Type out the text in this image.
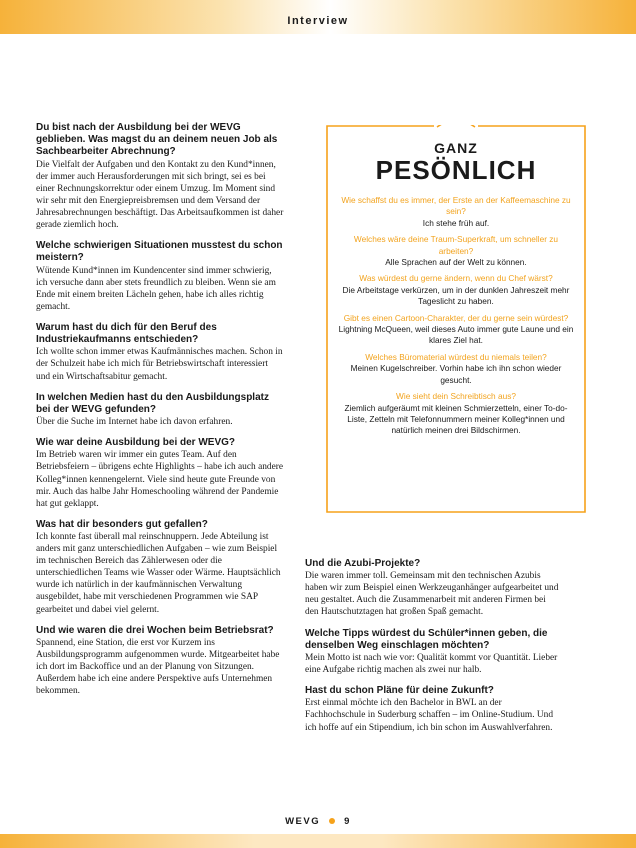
Interview

Du bist nach der Ausbildung bei der WEVG geblieben. Was magst du an deinem neuen Job als Sachbearbeiter Abrechnung?

Die Vielfalt der Aufgaben und den Kontakt zu den Kund*innen, der immer auch Herausforderungen mit sich bringt, sei es bei einer Rechnungskorrektur oder einem Umzug. Im Moment sind wir sehr mit den Energiepreisbremsen und dem Versand der Jahresabrechnungen beschäftigt. Das Arbeitsaufkommen ist daher gerade ziemlich hoch.

Welche schwierigen Situationen musstest du schon meistern?

Wütende Kund*innen im Kundencenter sind immer schwierig, ich versuche dann aber stets freundlich zu bleiben. Wenn sie am Ende mit einem breiten Lächeln gehen, habe ich alles richtig gemacht.

Warum hast du dich für den Beruf des Industriekaufmanns entschieden?

Ich wollte schon immer etwas Kaufmännisches machen. Schon in der Schulzeit habe ich mich für Betriebswirtschaft interessiert und ein Wirtschaftsabitur gemacht.

In welchen Medien hast du den Ausbildungsplatz bei der WEVG gefunden?

Über die Suche im Internet habe ich davon erfahren.

Wie war deine Ausbildung bei der WEVG?

Im Betrieb waren wir immer ein gutes Team. Auf den Betriebsfeiern – übrigens echte Highlights – habe ich auch andere Kolleg*innen kennengelernt. Viele sind heute gute Freunde von mir. Auch das halbe Jahr Homeschooling während der Pandemie hat gut geklappt.

Was hat dir besonders gut gefallen?

Ich konnte fast überall mal reinschnuppern. Jede Abteilung ist anders mit ganz unterschiedlichen Aufgaben – wie zum Beispiel im technischen Bereich das Zählerwesen oder die unterschiedlichen Teams wie Wasser oder Wärme. Hauptsächlich wurde ich natürlich in der kaufmännischen Verwaltung ausgebildet, habe mit verschiedenen Programmen wie SAP gearbeitet und dabei viel gelernt.

Und wie waren die drei Wochen beim Betriebsrat?

Spannend, eine Station, die erst vor Kurzem ins Ausbildungsprogramm aufgenommen wurde. Mitgearbeitet habe ich dort im Backoffice und an der Planung von Sitzungen. Außerdem habe ich eine andere Perspektive aufs Unternehmen bekommen.

GANZ
PESÖNLICH

Wie schaffst du es immer, der Erste an der Kaffeemaschine zu sein?

Ich stehe früh auf.

Welches wäre deine Traum-Superkraft, um schneller zu arbeiten?

Alle Sprachen auf der Welt zu können.

Was würdest du gerne ändern, wenn du Chef wärst?

Die Arbeitstage verkürzen, um in der dunklen Jahreszeit mehr Tageslicht zu haben.

Gibt es einen Cartoon-Charakter, der du gerne sein würdest?

Lightning McQueen, weil dieses Auto immer gute Laune und ein klares Ziel hat.

Welches Büromaterial würdest du niemals teilen?

Meinen Kugelschreiber. Vorhin habe ich ihn schon wieder gesucht.

Wie sieht dein Schreibtisch aus?

Ziemlich aufgeräumt mit kleinen Schmierzetteln, einer To-do-Liste, Zetteln mit Telefonnummern meiner Kolleg*innen und natürlich meinen drei Bildschirmen.

Und die Azubi-Projekte?

Die waren immer toll. Gemeinsam mit den technischen Azubis haben wir zum Beispiel einen Werkzeuganhänger aufgearbeitet und neu gestaltet. Auch die Zusammenarbeit mit anderen Firmen bei den Hautschutztagen hat großen Spaß gemacht.

Welche Tipps würdest du Schüler*innen geben, die denselben Weg einschlagen möchten?

Mein Motto ist nach wie vor: Qualität kommt vor Quantität. Lieber eine Aufgabe richtig machen als zwei nur halb.

Hast du schon Pläne für deine Zukunft?

Erst einmal möchte ich den Bachelor in BWL an der Fachhochschule in Suderburg schaffen – im Online-Studium. Und ich hoffe auf ein Stipendium, ich bin schon im Auswahlverfahren.

WEVG	9
